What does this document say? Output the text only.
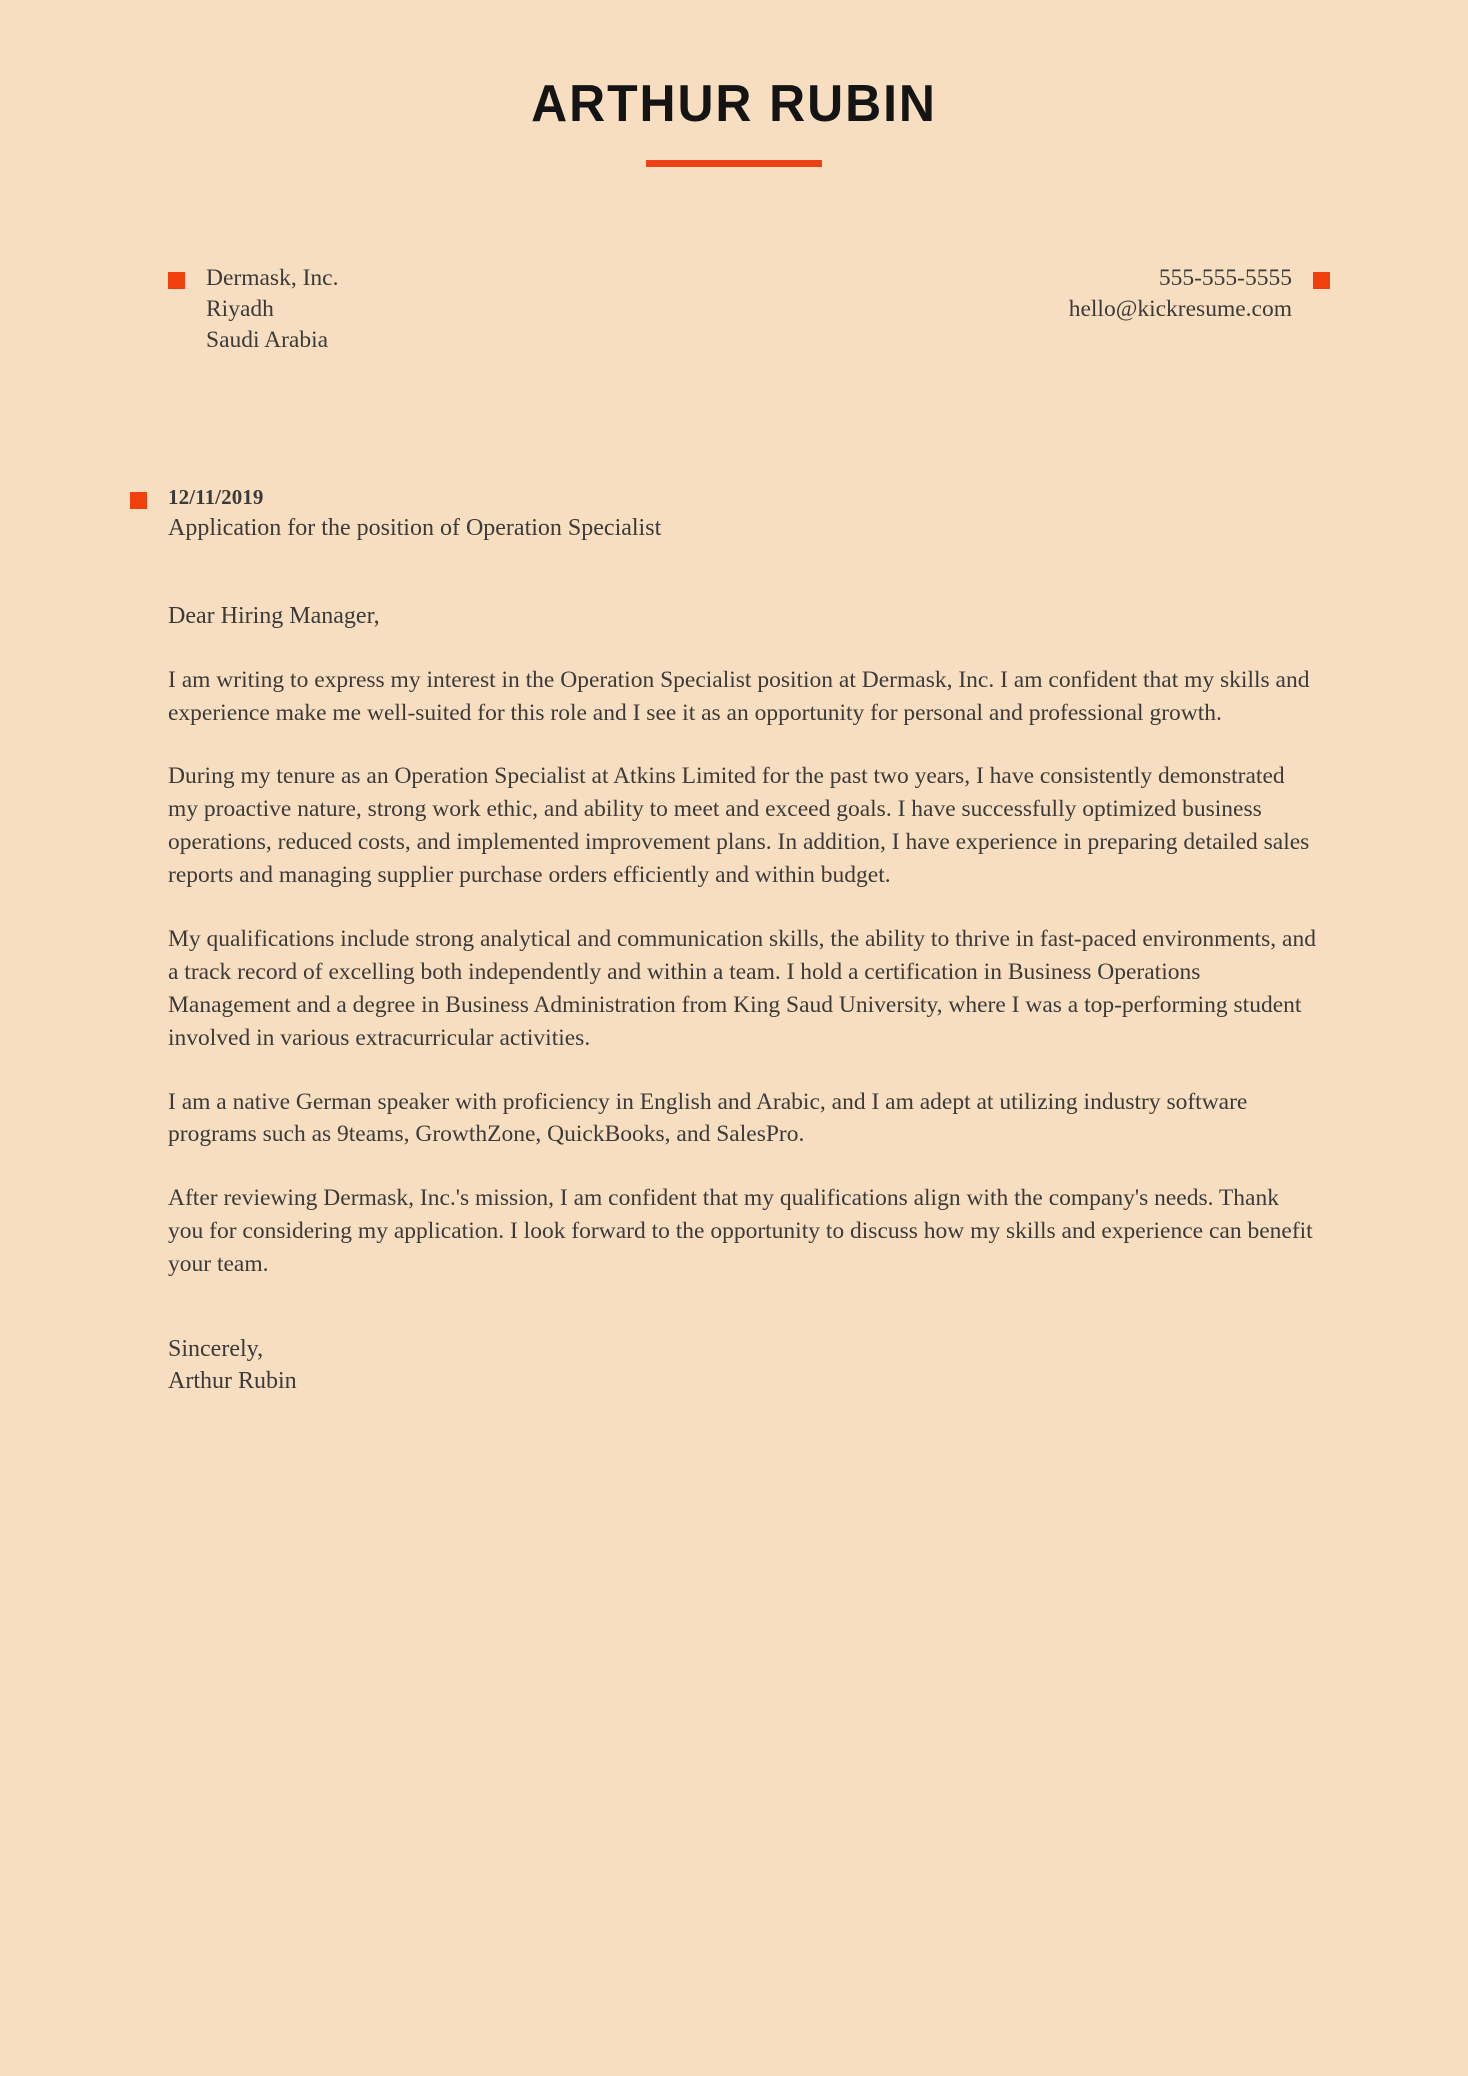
ARTHUR RUBIN
Dermask, Inc.
Riyadh
Saudi Arabia
555-555-5555
hello@kickresume.com
12/11/2019
Application for the position of Operation Specialist
Dear Hiring Manager,

I am writing to express my interest in the Operation Specialist position at Dermask, Inc. I am confident that my skills and experience make me well-suited for this role and I see it as an opportunity for personal and professional growth.

During my tenure as an Operation Specialist at Atkins Limited for the past two years, I have consistently demonstrated my proactive nature, strong work ethic, and ability to meet and exceed goals. I have successfully optimized business operations, reduced costs, and implemented improvement plans. In addition, I have experience in preparing detailed sales reports and managing supplier purchase orders efficiently and within budget.

My qualifications include strong analytical and communication skills, the ability to thrive in fast-paced environments, and a track record of excelling both independently and within a team. I hold a certification in Business Operations Management and a degree in Business Administration from King Saud University, where I was a top-performing student involved in various extracurricular activities.

I am a native German speaker with proficiency in English and Arabic, and I am adept at utilizing industry software programs such as 9teams, GrowthZone, QuickBooks, and SalesPro.

After reviewing Dermask, Inc.'s mission, I am confident that my qualifications align with the company's needs. Thank you for considering my application. I look forward to the opportunity to discuss how my skills and experience can benefit your team.

Sincerely,
Arthur Rubin
